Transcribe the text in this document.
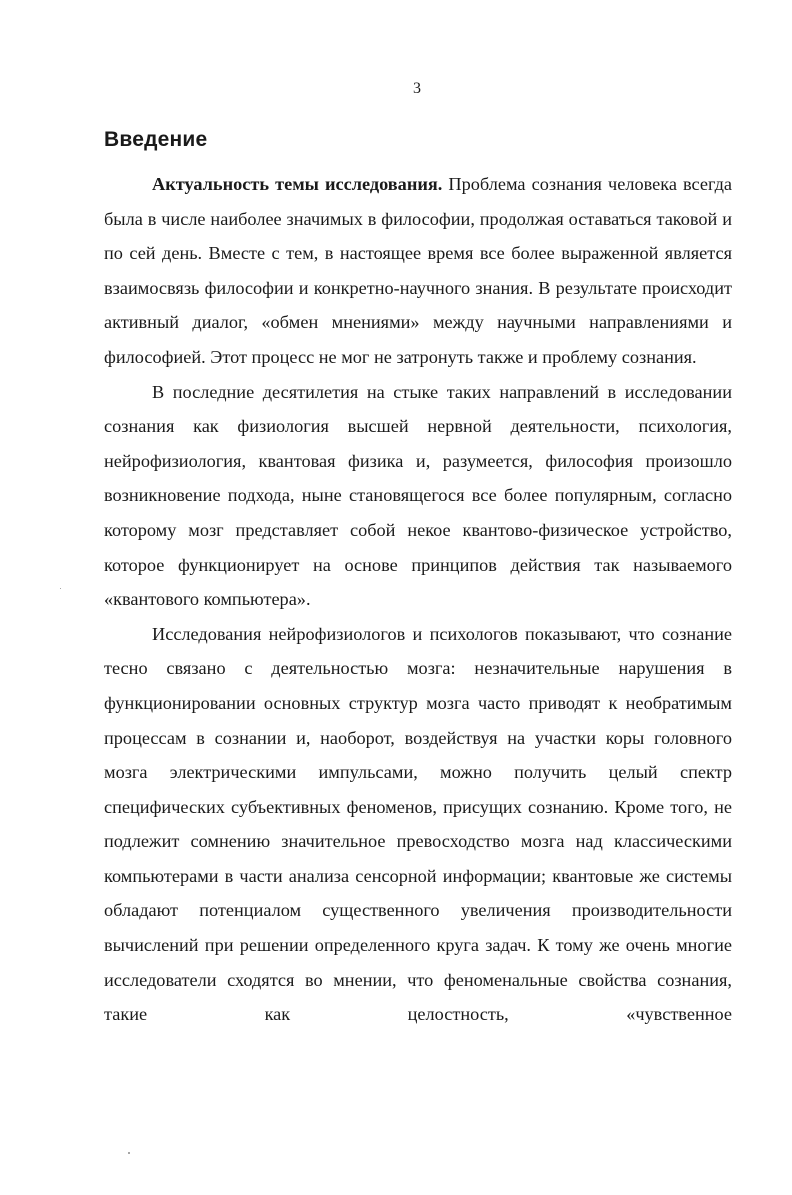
3
Введение

Актуальность темы исследования. Проблема сознания человека всегда была в числе наиболее значимых в философии, продолжая оставаться таковой и по сей день. Вместе с тем, в настоящее время все более выраженной является взаимосвязь философии и конкретно-научного знания. В результате происходит активный диалог, «обмен мнениями» между научными направлениями и философией. Этот процесс не мог не затронуть также и проблему сознания.

В последние десятилетия на стыке таких направлений в исследовании сознания как физиология высшей нервной деятельности, психология, нейрофизиология, квантовая физика и, разумеется, философия произошло возникновение подхода, ныне становящегося все более популярным, согласно которому мозг представляет собой некое квантово-физическое устройство, которое функционирует на основе принципов действия так называемого «квантового компьютера».

Исследования нейрофизиологов и психологов показывают, что сознание тесно связано с деятельностью мозга: незначительные нарушения в функционировании основных структур мозга часто приводят к необратимым процессам в сознании и, наоборот, воздействуя на участки коры головного мозга электрическими импульсами, можно получить целый спектр специфических субъективных феноменов, присущих сознанию. Кроме того, не подлежит сомнению значительное превосходство мозга над классическими компьютерами в части анализа сенсорной информации; квантовые же системы обладают потенциалом существенного увеличения производительности вычислений при решении определенного круга задач. К тому же очень многие исследователи сходятся во мнении, что феноменальные свойства сознания, такие как целостность, «чувственное
